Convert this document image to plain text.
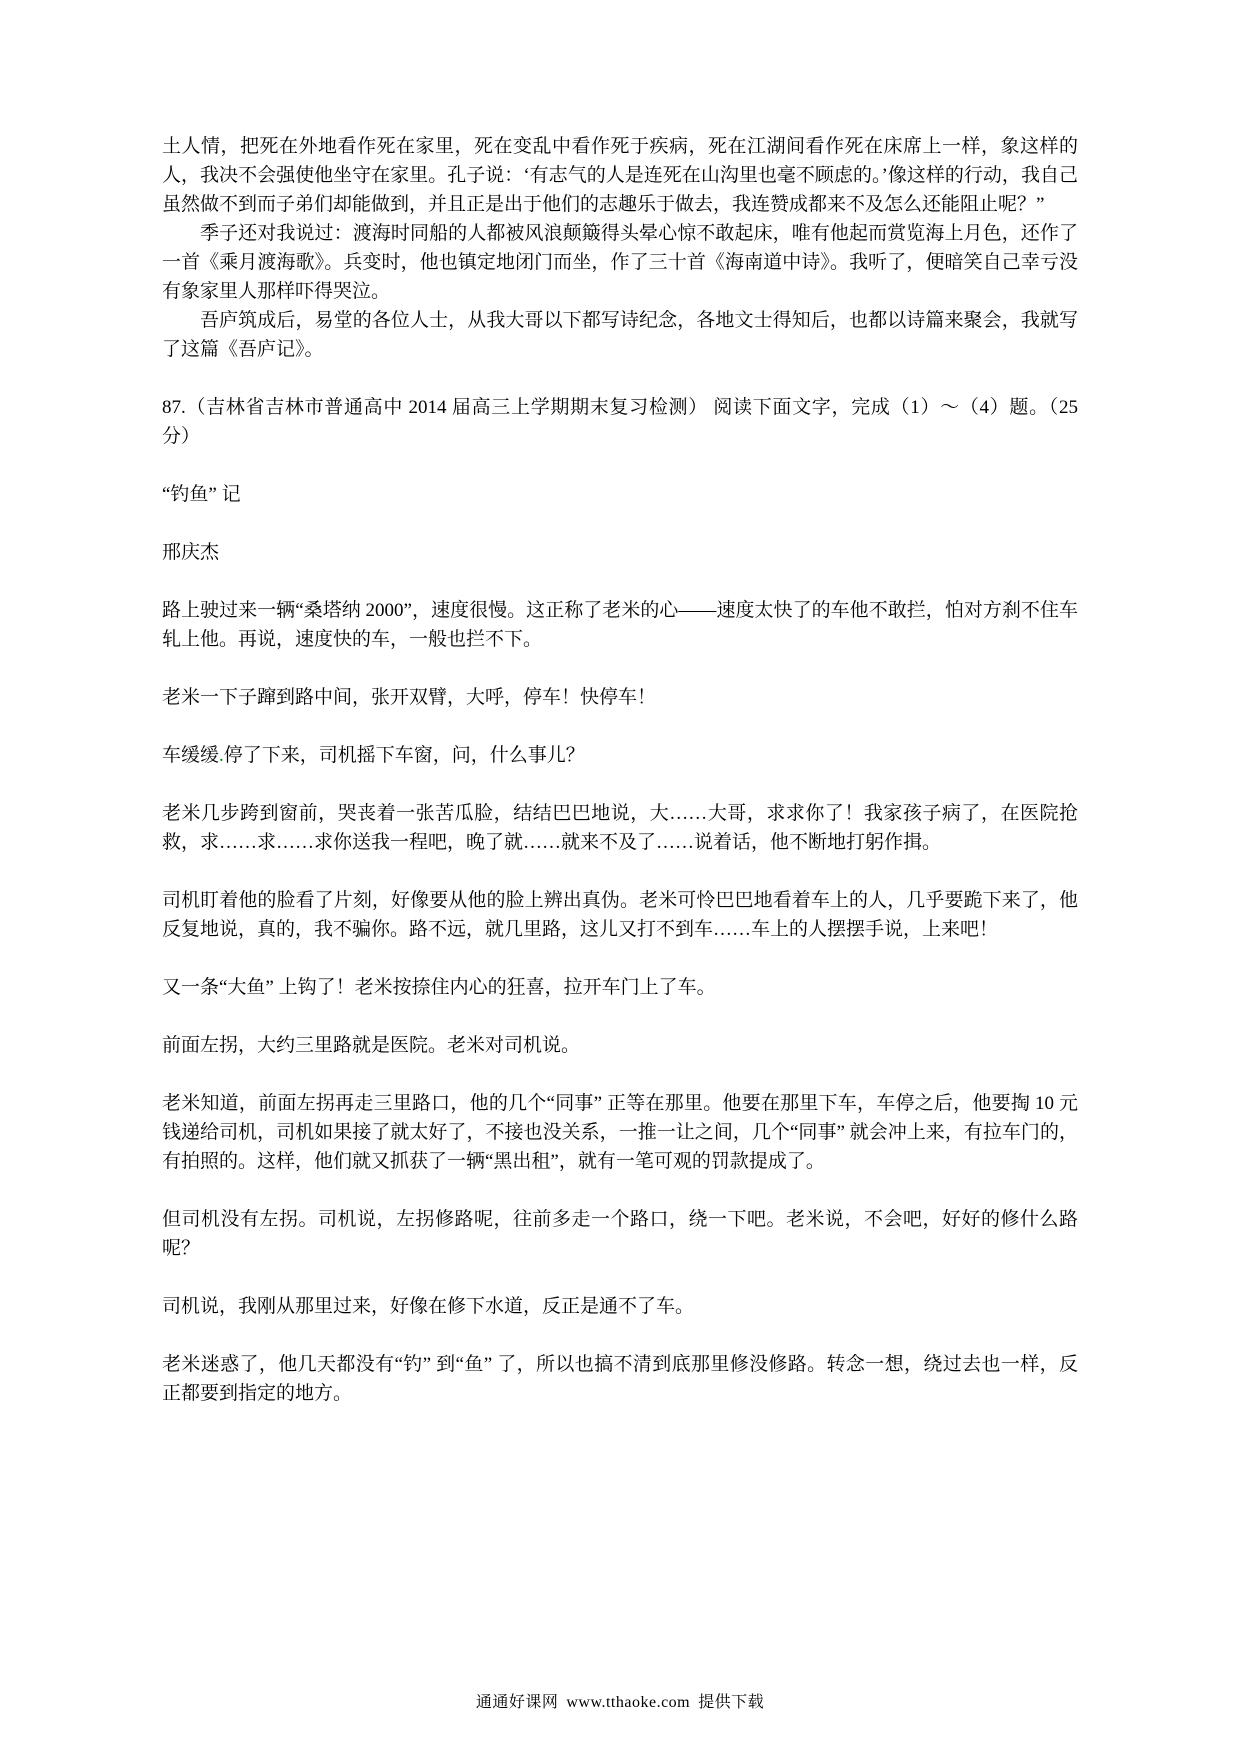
土人情，把死在外地看作死在家里，死在变乱中看作死于疾病，死在江湖间看作死在床席上一样，象这样的人，我决不会强使他坐守在家里。孔子说：‘有志气的人是连死在山沟里也毫不顾虑的。’像这样的行动，我自己虽然做不到而子弟们却能做到，并且正是出于他们的志趣乐于做去，我连赞成都来不及怎么还能阻止呢？”

季子还对我说过：渡海时同船的人都被风浪颠簸得头晕心惊不敢起床，唯有他起而赏览海上月色，还作了一首《乘月渡海歌》。兵变时，他也镇定地闭门而坐，作了三十首《海南道中诗》。我听了，便暗笑自己幸亏没有象家里人那样吓得哭泣。

吾庐筑成后，易堂的各位人士，从我大哥以下都写诗纪念，各地文士得知后，也都以诗篇来聚会，我就写了这篇《吾庐记》。

87.（吉林省吉林市普通高中 2014 届高三上学期期末复习检测） 阅读下面文字，完成（1）～（4）题。（25 分）

“钓鱼” 记

邢庆杰

路上驶过来一辆“桑塔纳 2000”，速度很慢。这正称了老米的心——速度太快了的车他不敢拦，怕对方刹不住车轧上他。再说，速度快的车，一般也拦不下。

老米一下子蹿到路中间，张开双臂，大呼，停车！快停车！

车缓缓.停了下来，司机摇下车窗，问，什么事儿？

老米几步跨到窗前，哭丧着一张苦瓜脸，结结巴巴地说，大……大哥，求求你了！我家孩子病了，在医院抢救，求……求……求你送我一程吧，晚了就……就来不及了……说着话，他不断地打躬作揖。

司机盯着他的脸看了片刻，好像要从他的脸上辨出真伪。老米可怜巴巴地看着车上的人，几乎要跪下来了，他反复地说，真的，我不骗你。路不远，就几里路，这儿又打不到车……车上的人摆摆手说，上来吧！

又一条“大鱼” 上钩了！老米按捺住内心的狂喜，拉开车门上了车。

前面左拐，大约三里路就是医院。老米对司机说。

老米知道，前面左拐再走三里路口，他的几个“同事” 正等在那里。他要在那里下车，车停之后，他要掏 10 元钱递给司机，司机如果接了就太好了，不接也没关系，一推一让之间，几个“同事” 就会冲上来，有拉车门的，有拍照的。这样，他们就又抓获了一辆“黑出租”，就有一笔可观的罚款提成了。

但司机没有左拐。司机说，左拐修路呢，往前多走一个路口，绕一下吧。老米说，不会吧，好好的修什么路呢？

司机说，我刚从那里过来，好像在修下水道，反正是通不了车。

老米迷惑了，他几天都没有“钓” 到“鱼” 了，所以也搞不清到底那里修没修路。转念一想，绕过去也一样，反正都要到指定的地方。

通通好课网 www.tthaoke.com 提供下载
